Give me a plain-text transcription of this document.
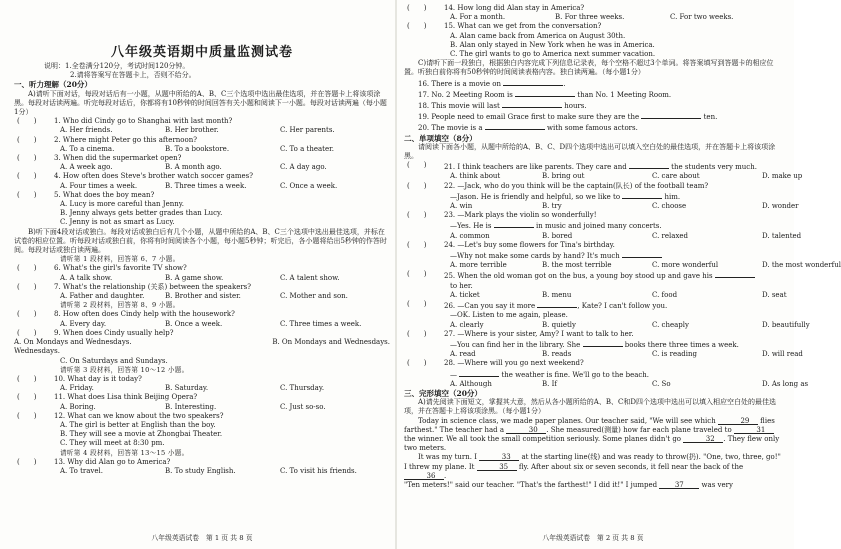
八年级英语期中质量监测试卷
说明：1.全卷满分120分，考试时间120分钟。
2.请将答案写在答题卡上，否则不给分。
一、听力理解（20分）
A)请听下面对话，每段对话后有一小题，从题中所给的A、B、C三个选项中选出最佳选项，并在答题卡上将该项涂黑。每段对话读两遍。听完每段对话后，你都将有10秒钟的时间回答有关小题和阅读下一小题。每段对话读两遍（每小题1分）
(　　)	1. Who did Cindy go to Shanghai with last month?
A. Her friends.	B. Her brother.	C. Her parents.
(　　)	2. Where might Peter go this afternoon?
A. To a cinema.	B. To a bookstore.	C. To a theater.
(　　)	3. When did the supermarket open?
A. A week ago.	B. A month ago.	C. A day ago.
(　　)	4. How often does Steve's brother watch soccer games?
A. Four times a week.	B. Three times a week.	C. Once a week.
(　　)	5. What does the boy mean?
A. Lucy is more careful than Jenny.
B. Jenny always gets better grades than Lucy.
C. Jenny is not as smart as Lucy.
B)听下面4段对话或独白。每段对话或独白后有几个小题，从题中所给的A、B、C三个选项中选出最佳选项，并标在试卷的相应位置。听每段对话或独白前，你将有时间阅读各个小题，每小题5秒钟；听完后，各小题将给出5秒钟的作答时间。每段对话或独白读两遍。
请听第 1 段材料，回答第 6、7 小题。
(　　)	6. What's the girl's favorite TV show?
A. A talk show.	B. A game show.	C. A talent show.
(　　)	7. What's the relationship (关系) between the speakers?
A. Father and daughter.	B. Brother and sister.	C. Mother and son.
请听第 2 段材料，回答第 8、9 小题。
(　　)	8. How often does Cindy help with the housework?
A. Every day.	B. Once a week.	C. Three times a week.
(　　)	9. When does Cindy usually help?
A. On Mondays and Wednesdays.	B. On Mondays and Wednesdays.
Wednesdays.
C. On Saturdays and Sundays.
请听第 3 段材料，回答第 10～12 小题。
(　　)	10. What day is it today?
A. Friday.	B. Saturday.	C. Thursday.
(　　)	11. What does Lisa think Beijing Opera?
A. Boring.	B. Interesting.	C. Just so-so.
(　　)	12. What can we know about the two speakers?
A. The girl is better at English than the boy.
B. They will see a movie at Zhongbai Theater.
C. They will meet at 8:30 pm.
请听第 4 段材料，回答第 13～15 小题。
(　　)	13. Why did Alan go to America?
A. To travel.	B. To study English.	C. To visit his friends.
八年级英语试卷　第 1 页 共 8 页
(　　)	14. How long did Alan stay in America?
A. For a month.	B. For three weeks.	C. For two weeks.
(　　)	15. What can we get from the conversation?
A. Alan came back from America on August 30th.
B. Alan only stayed in New York when he was in America.
C. The girl wants to go to America next summer vacation.
C)请听下面一段独白，根据独白内容完成下列信息记录表，每个空格不超过3个单词。将答案填写到答题卡的相应位置。听独白前你将有50秒钟的时间阅读表格内容。独白读两遍。（每小题1分）
16. There is a movie on	.
17. No. 2 Meeting Room is	than No. 1 Meeting Room.
18. This movie will last	hours.
19. People need to email Grace first to make sure they are the	ten.
20. The movie is a	with some famous actors.
二、单项填空（8分）
请阅读下面各小题，从题中所给的A、B、C、D四个选项中选出可以填入空白处的最佳选项，并在答题卡上将该项涂黑。
(　　)	21. I think teachers are like parents. They care and	the students very much.
A. think about	B. bring out	C. care about	D. make up
(　　)	22. —Jack, who do you think will be the captain(队长) of the football team?
—Jason. He is friendly and helpful, so we like to	him.
A. win	B. try	C. choose	D. wonder
(　　)	23. —Mark plays the violin so wonderfully!
—Yes. He is	in music and joined many concerts.
A. common	B. bored	C. relaxed	D. talented
(　　)	24. —Let's buy some flowers for Tina's birthday.
—Why not make some cards by hand? It's much
A. more terrible	B. the most terrible	C. more wonderful	D. the most wonderful
(　　)	25. When the old woman got on the bus, a young boy stood up and gave his
to her.
A. ticket	B. menu	C. food	D. seat
(　　)	26. —Can you say it more	, Kate? I can't follow you.
—OK. Listen to me again, please.
A. clearly	B. quietly	C. cheaply	D. beautifully
(　　)	27. —Where is your sister, Amy? I want to talk to her.
—You can find her in the library. She	books there three times a week.
A. read	B. reads	C. is reading	D. will read
(　　)	28. —Where will you go next weekend?
—	the weather is fine. We'll go to the beach.
A. Although	B. If	C. So	D. As long as
三、完形填空（20分）
A)请先阅读下面短文，掌握其大意，然后从各小题所给的A、B、C和D四个选项中选出可以填入相应空白处的最佳选项，并在答题卡上将该项涂黑。（每小题1分）
Today in science class, we made paper planes. Our teacher said, "We will see which	29 flies farthest." The teacher had a	30 . She measured(测量) how far each plane traveled to	31 the winner. We all took the small competition seriously. Some planes didn't go	32 . They flew only two meters.
It was my turn. I	33 at the starting line(线) and was ready to throw(扔). "One, two, three, go!" I threw my plane. It	35 fly. After about six or seven seconds, it fell near the back of the 36 .
"Ten meters!" said our teacher. "That's the farthest!" I did it!" I jumped	37	was very
八年级英语试卷　第 2 页 共 8 页
